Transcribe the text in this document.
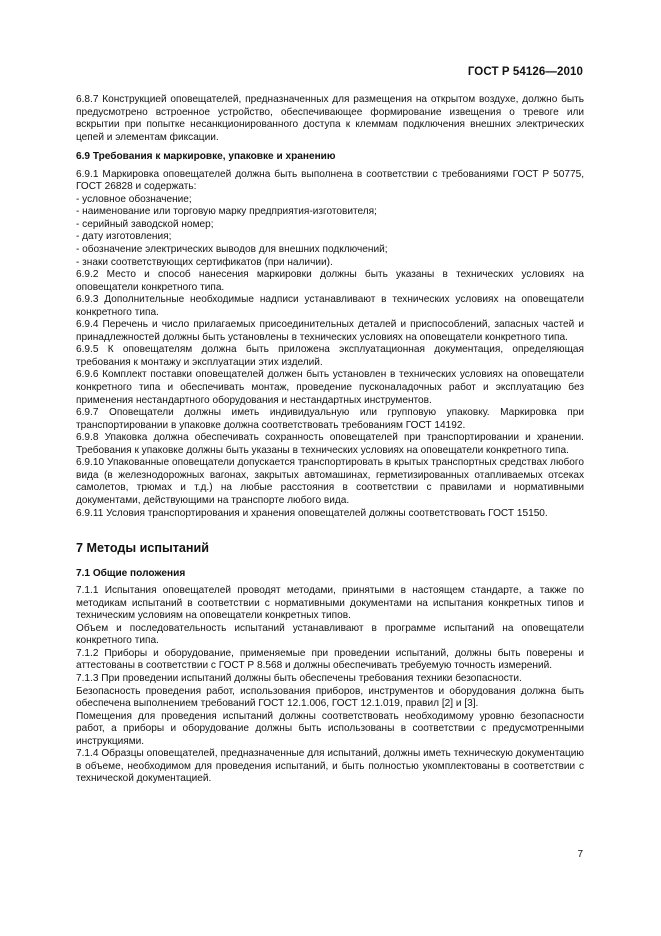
ГОСТ Р 54126—2010

6.8.7 Конструкцией оповещателей, предназначенных для размещения на открытом воздухе, должно быть предусмотрено встроенное устройство, обеспечивающее формирование извещения о тревоге или вскрытии при попытке несанкционированного доступа к клеммам подключения внешних электрических цепей и элементам фиксации.

6.9 Требования к маркировке, упаковке и хранению

6.9.1 Маркировка оповещателей должна быть выполнена в соответствии с требованиями ГОСТ Р 50775, ГОСТ 26828 и содержать:

- условное обозначение;

- наименование или торговую марку предприятия-изготовителя;

- серийный заводской номер;

- дату изготовления;

- обозначение электрических выводов для внешних подключений;

- знаки соответствующих сертификатов (при наличии).

6.9.2 Место и способ нанесения маркировки должны быть указаны в технических условиях на оповещатели конкретного типа.

6.9.3 Дополнительные необходимые надписи устанавливают в технических условиях на оповещатели конкретного типа.

6.9.4 Перечень и число прилагаемых присоединительных деталей и приспособлений, запасных частей и принадлежностей должны быть установлены в технических условиях на оповещатели конкретного типа.

6.9.5 К оповещателям должна быть приложена эксплуатационная документация, определяющая требования к монтажу и эксплуатации этих изделий.

6.9.6 Комплект поставки оповещателей должен быть установлен в технических условиях на оповещатели конкретного типа и обеспечивать монтаж, проведение пусконаладочных работ и эксплуатацию без применения нестандартного оборудования и нестандартных инструментов.

6.9.7 Оповещатели должны иметь индивидуальную или групповую упаковку. Маркировка при транспортировании в упаковке должна соответствовать требованиям ГОСТ 14192.

6.9.8 Упаковка должна обеспечивать сохранность оповещателей при транспортировании и хранении. Требования к упаковке должны быть указаны в технических условиях на оповещатели конкретного типа.

6.9.10 Упакованные оповещатели допускается транспортировать в крытых транспортных средствах любого вида (в железнодорожных вагонах, закрытых автомашинах, герметизированных отапливаемых отсеках самолетов, трюмах и т.д.) на любые расстояния в соответствии с правилами и нормативными документами, действующими на транспорте любого вида.

6.9.11 Условия транспортирования и хранения оповещателей должны соответствовать ГОСТ 15150.

7 Методы испытаний
7.1 Общие положения

7.1.1 Испытания оповещателей проводят методами, принятыми в настоящем стандарте, а также по методикам испытаний в соответствии с нормативными документами на испытания конкретных типов и техническим условиям на оповещатели конкретных типов.

Объем и последовательность испытаний устанавливают в программе испытаний на оповещатели конкретного типа.

7.1.2 Приборы и оборудование, применяемые при проведении испытаний, должны быть поверены и аттестованы в соответствии с ГОСТ Р 8.568 и должны обеспечивать требуемую точность измерений.

7.1.3 При проведении испытаний должны быть обеспечены требования техники безопасности.

Безопасность проведения работ, использования приборов, инструментов и оборудования должна быть обеспечена выполнением требований ГОСТ 12.1.006, ГОСТ 12.1.019, правил [2] и [3].

Помещения для проведения испытаний должны соответствовать необходимому уровню безопасности работ, а приборы и оборудование должны быть использованы в соответствии с предусмотренными инструкциями.

7.1.4 Образцы оповещателей, предназначенные для испытаний, должны иметь техническую документацию в объеме, необходимом для проведения испытаний, и быть полностью укомплектованы в соответствии с технической документацией.

7
